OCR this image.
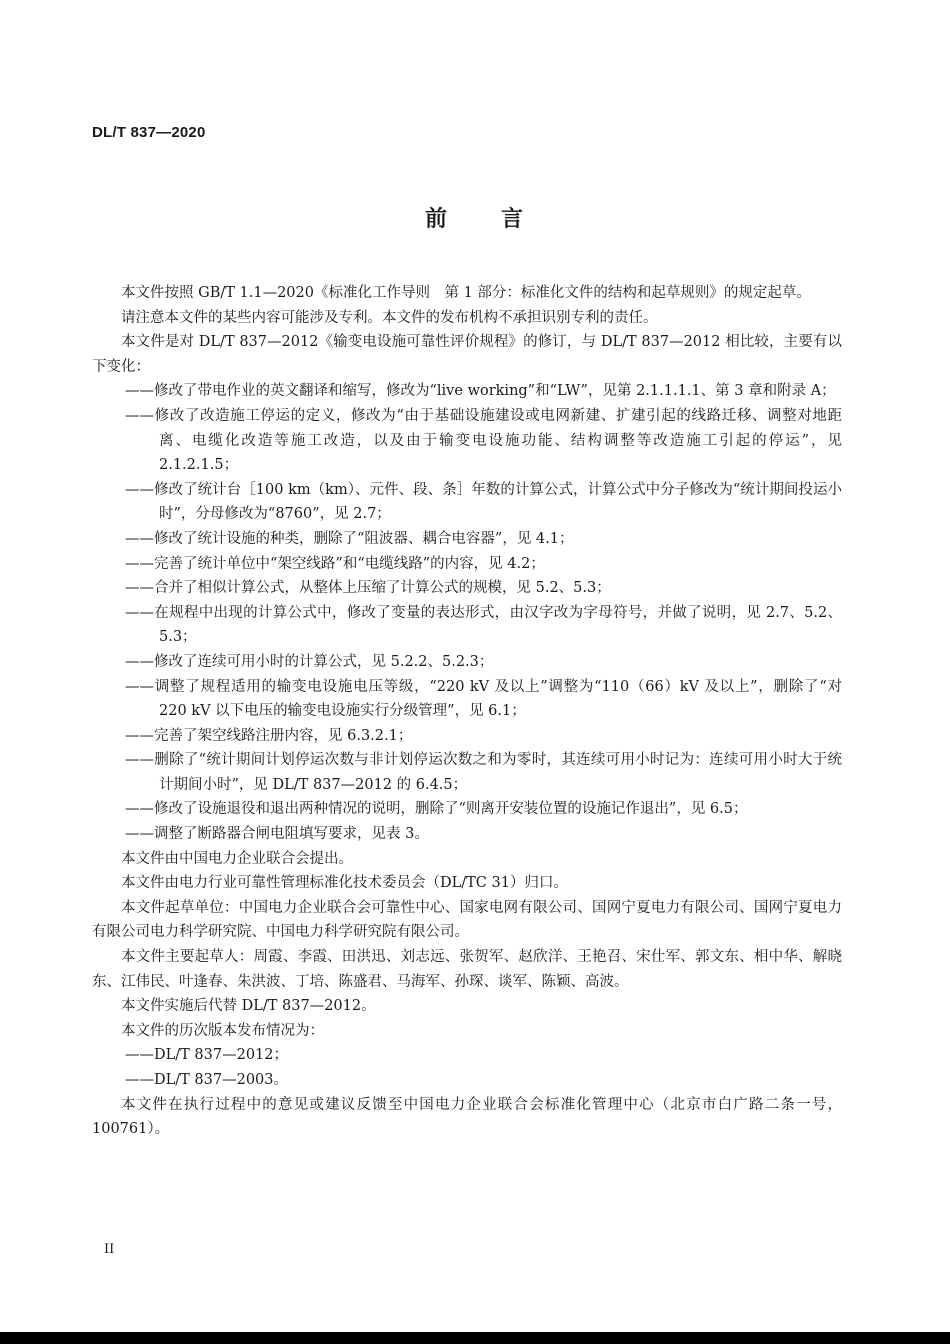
DL/T 837—2020
前 言

本文件按照 GB/T 1.1—2020《标准化工作导则　第 1 部分：标准化文件的结构和起草规则》的规定起草。

请注意本文件的某些内容可能涉及专利。本文件的发布机构不承担识别专利的责任。

本文件是对 DL/T 837—2012《输变电设施可靠性评价规程》的修订，与 DL/T 837—2012 相比较，主要有以下变化：

——修改了带电作业的英文翻译和缩写，修改为“live working”和“LW”，见第 2.1.1.1.1、第 3 章和附录 A；

——修改了改造施工停运的定义，修改为“由于基础设施建设或电网新建、扩建引起的线路迁移、调整对地距离、电缆化改造等施工改造，以及由于输变电设施功能、结构调整等改造施工引起的停运”，见 2.1.2.1.5；

——修改了统计台［100 km（km）、元件、段、条］年数的计算公式，计算公式中分子修改为“统计期间投运小时”，分母修改为“8760”，见 2.7；

——修改了统计设施的种类，删除了“阻波器、耦合电容器”，见 4.1；

——完善了统计单位中“架空线路”和“电缆线路”的内容，见 4.2；

——合并了相似计算公式，从整体上压缩了计算公式的规模，见 5.2、5.3；

——在规程中出现的计算公式中，修改了变量的表达形式，由汉字改为字母符号，并做了说明，见 2.7、5.2、5.3；

——修改了连续可用小时的计算公式，见 5.2.2、5.2.3；

——调整了规程适用的输变电设施电压等级，“220 kV 及以上”调整为“110（66）kV 及以上”，删除了“对 220 kV 以下电压的输变电设施实行分级管理”，见 6.1；

——完善了架空线路注册内容，见 6.3.2.1；

——删除了“统计期间计划停运次数与非计划停运次数之和为零时，其连续可用小时记为：连续可用小时大于统计期间小时”，见 DL/T 837—2012 的 6.4.5；

——修改了设施退役和退出两种情况的说明，删除了“则离开安装位置的设施记作退出”，见 6.5；

——调整了断路器合闸电阻填写要求，见表 3。

本文件由中国电力企业联合会提出。

本文件由电力行业可靠性管理标准化技术委员会（DL/TC 31）归口。

本文件起草单位：中国电力企业联合会可靠性中心、国家电网有限公司、国网宁夏电力有限公司、国网宁夏电力有限公司电力科学研究院、中国电力科学研究院有限公司。

本文件主要起草人：周霞、李霞、田洪迅、刘志远、张贺军、赵欣洋、王艳召、宋仕军、郭文东、相中华、解晓东、江伟民、叶逢春、朱洪波、丁培、陈盛君、马海军、孙琛、谈军、陈颖、高波。

本文件实施后代替 DL/T 837—2012。

本文件的历次版本发布情况为：

——DL/T 837—2012；

——DL/T 837—2003。

本文件在执行过程中的意见或建议反馈至中国电力企业联合会标准化管理中心（北京市白广路二条一号，100761）。

II
